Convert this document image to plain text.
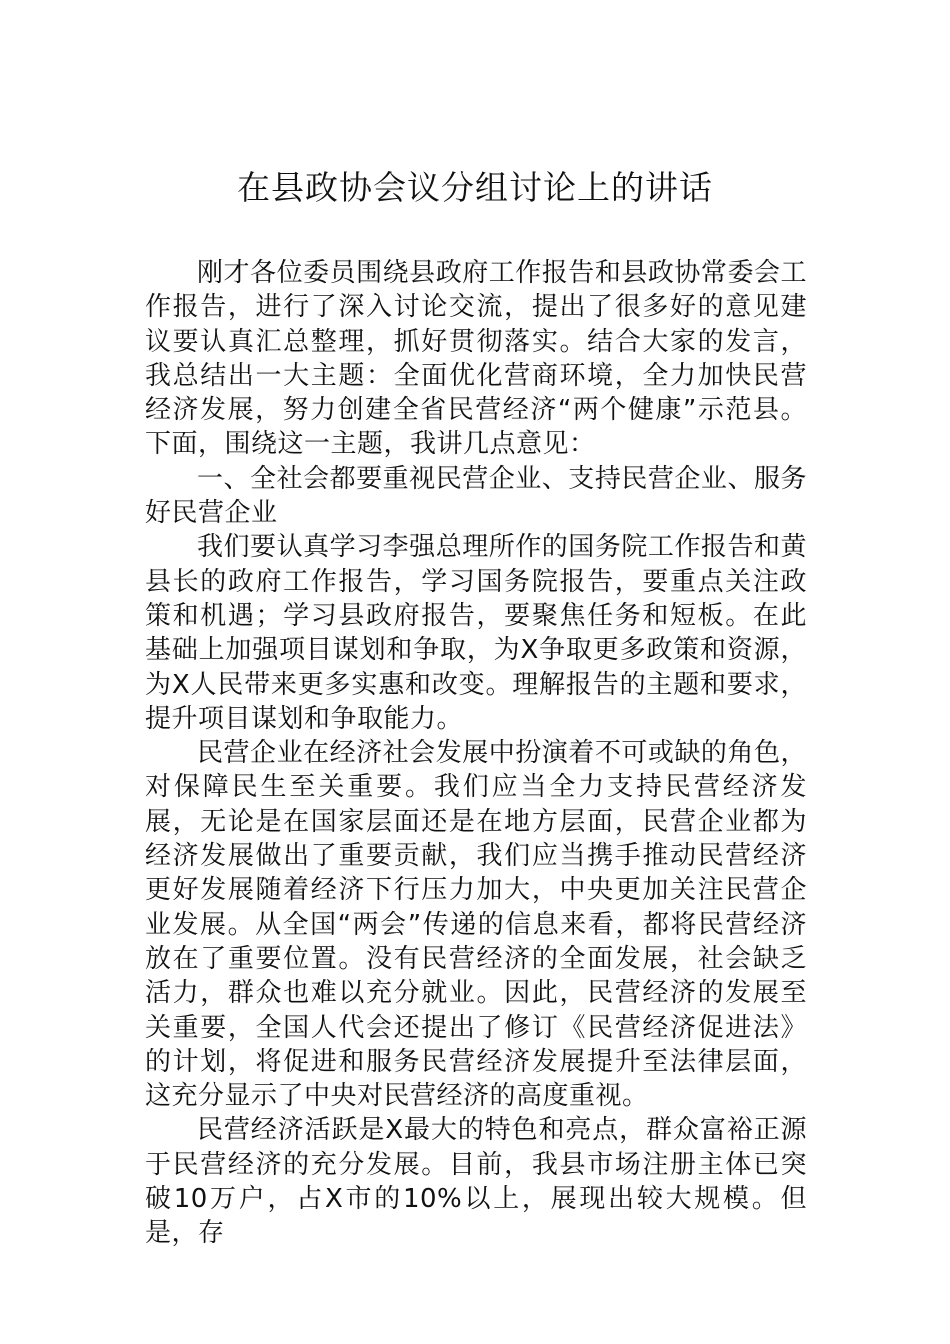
在县政协会议分组讨论上的讲话

刚才各位委员围绕县政府工作报告和县政协常委会工作报告，进行了深入讨论交流，提出了很多好的意见建议要认真汇总整理，抓好贯彻落实。结合大家的发言，我总结出一大主题：全面优化营商环境，全力加快民营经济发展，努力创建全省民营经济“两个健康”示范县。下面，围绕这一主题，我讲几点意见：

一、全社会都要重视民营企业、支持民营企业、服务好民营企业

我们要认真学习李强总理所作的国务院工作报告和黄县长的政府工作报告，学习国务院报告，要重点关注政策和机遇；学习县政府报告，要聚焦任务和短板。在此基础上加强项目谋划和争取，为X争取更多政策和资源，为X人民带来更多实惠和改变。理解报告的主题和要求，提升项目谋划和争取能力。

民营企业在经济社会发展中扮演着不可或缺的角色，对保障民生至关重要。我们应当全力支持民营经济发展，无论是在国家层面还是在地方层面，民营企业都为经济发展做出了重要贡献，我们应当携手推动民营经济更好发展随着经济下行压力加大，中央更加关注民营企业发展。从全国“两会”传递的信息来看，都将民营经济放在了重要位置。没有民营经济的全面发展，社会缺乏活力，群众也难以充分就业。因此，民营经济的发展至关重要，全国人代会还提出了修订《民营经济促进法》的计划，将促进和服务民营经济发展提升至法律层面，这充分显示了中央对民营经济的高度重视。

民营经济活跃是X最大的特色和亮点，群众富裕正源于民营经济的充分发展。目前，我县市场注册主体已突破10万户，占X市的10%以上，展现出较大规模。但是，存
